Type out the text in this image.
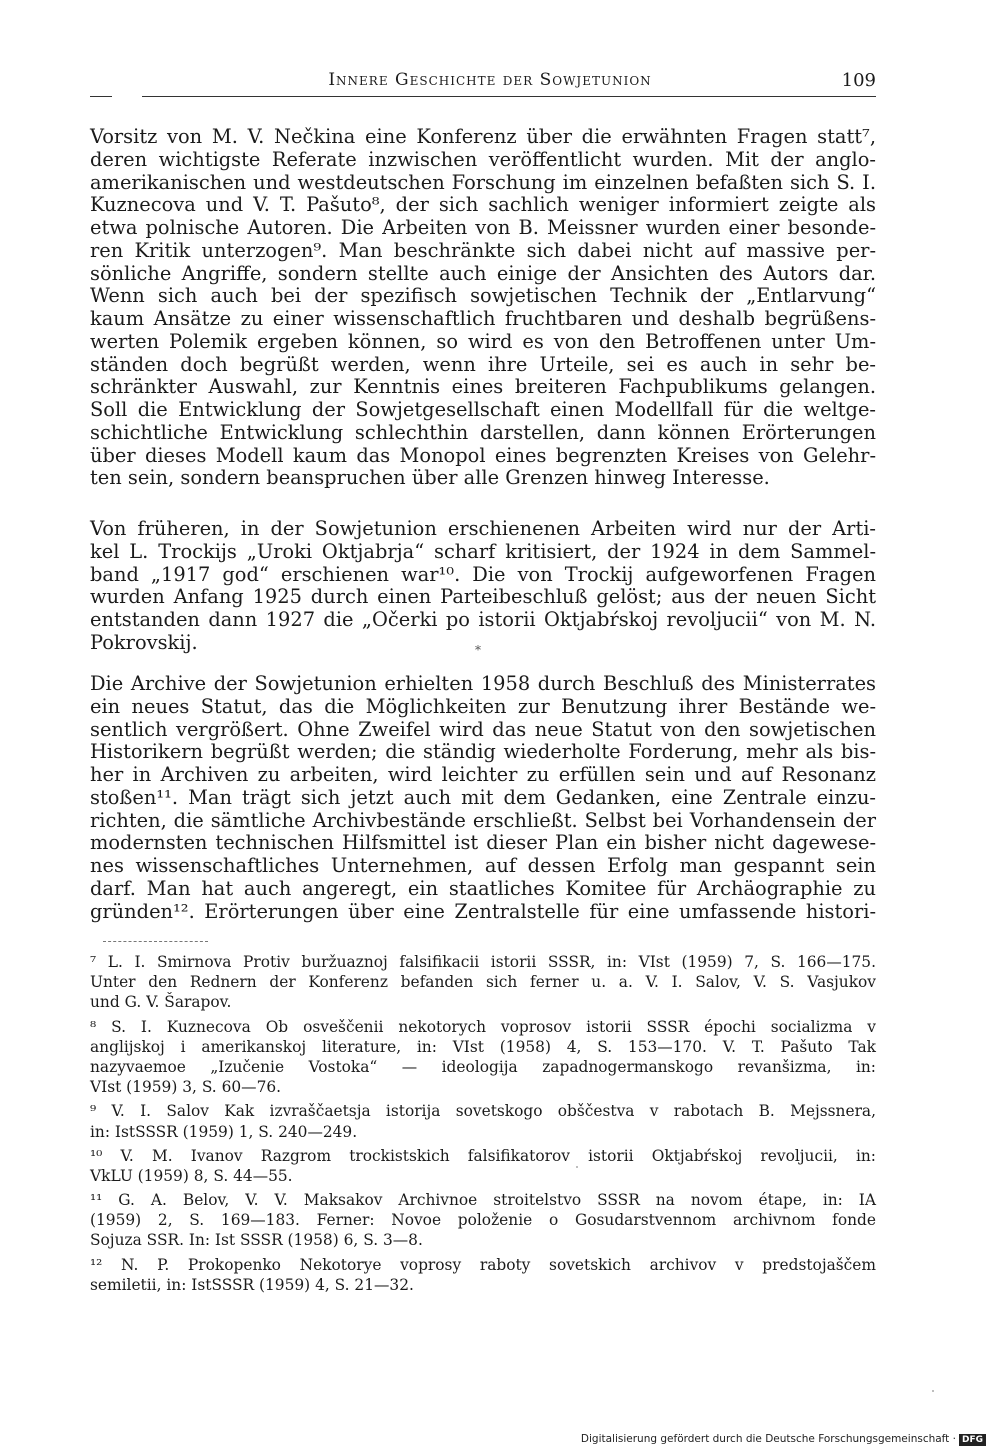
Innere Geschichte der Sowjetunion	109
Vorsitz von M. V. Nečkina eine Konferenz über die erwähnten Fragen statt⁷,
deren wichtigste Referate inzwischen veröffentlicht wurden. Mit der anglo-
amerikanischen und westdeutschen Forschung im einzelnen befaßten sich S. I.
Kuznecova und V. T. Pašuto⁸, der sich sachlich weniger informiert zeigte als
etwa polnische Autoren. Die Arbeiten von B. Meissner wurden einer besonde-
ren Kritik unterzogen⁹. Man beschränkte sich dabei nicht auf massive per-
sönliche Angriffe, sondern stellte auch einige der Ansichten des Autors dar.
Wenn sich auch bei der spezifisch sowjetischen Technik der „Entlarvung“
kaum Ansätze zu einer wissenschaftlich fruchtbaren und deshalb begrüßens-
werten Polemik ergeben können, so wird es von den Betroffenen unter Um-
ständen doch begrüßt werden, wenn ihre Urteile, sei es auch in sehr be-
schränkter Auswahl, zur Kenntnis eines breiteren Fachpublikums gelangen.
Soll die Entwicklung der Sowjetgesellschaft einen Modellfall für die weltge-
schichtliche Entwicklung schlechthin darstellen, dann können Erörterungen
über dieses Modell kaum das Monopol eines begrenzten Kreises von Gelehr-
ten sein, sondern beanspruchen über alle Grenzen hinweg Interesse.
Von früheren, in der Sowjetunion erschienenen Arbeiten wird nur der Arti-
kel L. Trockijs „Uroki Oktjabrja“ scharf kritisiert, der 1924 in dem Sammel-
band „1917 god“ erschienen war¹⁰. Die von Trockij aufgeworfenen Fragen
wurden Anfang 1925 durch einen Parteibeschluß gelöst; aus der neuen Sicht
entstanden dann 1927 die „Očerki po istorii Oktjabŕskoj revoljucii“ von M. N.
Pokrovskij.	*
Die Archive der Sowjetunion erhielten 1958 durch Beschluß des Ministerrates
ein neues Statut, das die Möglichkeiten zur Benutzung ihrer Bestände we-
sentlich vergrößert. Ohne Zweifel wird das neue Statut von den sowjetischen
Historikern begrüßt werden; die ständig wiederholte Forderung, mehr als bis-
her in Archiven zu arbeiten, wird leichter zu erfüllen sein und auf Resonanz
stoßen¹¹. Man trägt sich jetzt auch mit dem Gedanken, eine Zentrale einzu-
richten, die sämtliche Archivbestände erschließt. Selbst bei Vorhandensein der
modernsten technischen Hilfsmittel ist dieser Plan ein bisher nicht dagewese-
nes wissenschaftliches Unternehmen, auf dessen Erfolg man gespannt sein
darf. Man hat auch angeregt, ein staatliches Komitee für Archäographie zu
gründen¹². Erörterungen über eine Zentralstelle für eine umfassende histori-
⁷ L. I. Smirnova Protiv buržuaznoj falsifikacii istorii SSSR, in: VIst (1959) 7, S. 166—175.
Unter den Rednern der Konferenz befanden sich ferner u. a. V. I. Salov, V. S. Vasjukov
und G. V. Šarapov.
⁸ S. I. Kuznecova Ob osveščenii nekotorych voprosov istorii SSSR épochi socializma v
anglijskoj i amerikanskoj literature, in: VIst (1958) 4, S. 153—170. V. T. Pašuto Tak
nazyvaemoe „Izučenie Vostoka“ — ideologija zapadnogermanskogo revanšizma, in:
VIst (1959) 3, S. 60—76.
⁹ V. I. Salov Kak izvraščaetsja istorija sovetskogo obščestva v rabotach B. Mejssnera,
in: IstSSSR (1959) 1, S. 240—249.
¹⁰ V. M. Ivanov Razgrom trockistskich falsifikatorov istorii Oktjabŕskoj revoljucii, in:
VkLU (1959) 8, S. 44—55.
¹¹ G. A. Belov, V. V. Maksakov Archivnoe stroitelstvo SSSR na novom étape, in: IA
(1959) 2, S. 169—183. Ferner: Novoe položenie o Gosudarstvennom archivnom fonde
Sojuza SSR. In: Ist SSSR (1958) 6, S. 3—8.
¹² N. P. Prokopenko Nekotorye voprosy raboty sovetskich archivov v predstojaščem
semiletii, in: IstSSSR (1959) 4, S. 21—32.
Digitalisierung gefördert durch die Deutsche Forschungsgemeinschaft · DFG
